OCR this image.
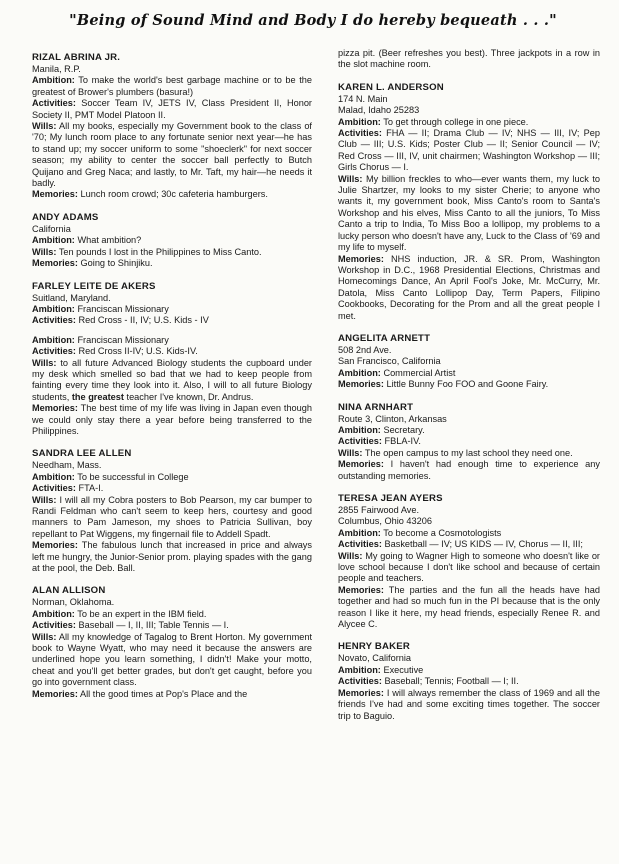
"Being of Sound Mind and Body I do hereby bequeath . . ."
RIZAL ABRINA JR.
Manila, R.P.

Ambition: To make the world's best garbage machine or to be the greatest of Brower's plumbers (basura!)

Activities: Soccer Team IV, JETS IV, Class President II, Honor Society II, PMT Model Platoon II.

Wills: All my books, especially my Government book to the class of '70; My lunch room place to any fortunate senior next year—he has to stand up; my soccer uniform to some "shoeclerk" for next soccer season; my ability to center the soccer ball perfectly to Butch Quijano and Greg Naca; and lastly, to Mr. Taft, my hair—he needs it badly.

Memories: Lunch room crowd; 30c cafeteria hamburgers.

ANDY ADAMS
California

Ambition: What ambition?

Wills: Ten pounds I lost in the Philippines to Miss Canto.

Memories: Going to Shinjiku.

FARLEY LEITE DE AKERS
Suitland, Maryland.

Ambition: Franciscan Missionary

Activities: Red Cross - II, IV; U.S. Kids - IV

Ambition: Franciscan Missionary

Activities: Red Cross II-IV; U.S. Kids-IV.

Wills: to all future Advanced Biology students the cupboard under my desk which smelled so bad that we had to keep people from fainting every time they look into it. Also, I will to all future Biology students, the greatest teacher I've known, Dr. Andrus.

Memories: The best time of my life was living in Japan even though we could only stay there a year before being transferred to the Philippines.

SANDRA LEE ALLEN
Needham, Mass.

Ambition: To be successful in College

Activities: FTA-I.

Wills: I will all my Cobra posters to Bob Pearson, my car bumper to Randi Feldman who can't seem to keep hers, courtesy and good manners to Pam Jameson, my shoes to Patricia Sullivan, boy repellant to Pat Wiggens, my fingernail file to Addell Spadt.

Memories: The fabulous lunch that increased in price and always left me hungry, the Junior-Senior prom. playing spades with the gang at the pool, the Deb. Ball.

ALAN ALLISON
Norman, Oklahoma.

Ambition: To be an expert in the IBM field.

Activities: Baseball — I, II, III; Table Tennis — I.

Wills: All my knowledge of Tagalog to Brent Horton. My government book to Wayne Wyatt, who may need it because the answers are underlined hope you learn something, I didn't! Make your motto, cheat and you'll get better grades, but don't get caught, before you go into government class.

Memories: All the good times at Pop's Place and the

pizza pit. (Beer refreshes you best). Three jackpots in a row in the slot machine room.

KAREN L. ANDERSON
174 N. Main
Malad, Idaho 25283

Ambition: To get through college in one piece.

Activities: FHA — II; Drama Club — IV; NHS — III, IV; Pep Club — III; U.S. Kids; Poster Club — II; Senior Council — IV; Red Cross — III, IV, unit chairmen; Washington Workshop — III; Girls Chorus — I.

Wills: My billion freckles to who—ever wants them, my luck to Julie Shartzer, my looks to my sister Cherie; to anyone who wants it, my government book, Miss Canto's room to Santa's Workshop and his elves, Miss Canto to all the juniors, To Miss Canto a trip to India, To Miss Boo a lollipop, my problems to a lucky person who doesn't have any, Luck to the Class of '69 and my life to myself.

Memories: NHS induction, JR. & SR. Prom, Washington Workshop in D.C., 1968 Presidential Elections, Christmas and Homecomings Dance, An April Fool's Joke, Mr. McCurry, Mr. Datola, Miss Canto Lollipop Day, Term Papers, Filipino Cookbooks, Decorating for the Prom and all the great people I met.

ANGELITA ARNETT
508 2nd Ave.
San Francisco, California

Ambition: Commercial Artist

Memories: Little Bunny Foo FOO and Goone Fairy.

NINA ARNHART
Route 3, Clinton, Arkansas

Ambition: Secretary.

Activities: FBLA-IV.

Wills: The open campus to my last school they need one.

Memories: I haven't had enough time to experience any outstanding memories.

TERESA JEAN AYERS
2855 Fairwood Ave.
Columbus, Ohio 43206

Ambition: To become a Cosmotologists

Activities: Basketball — IV; US KIDS — IV, Chorus — II, III;

Wills: My going to Wagner High to someone who doesn't like or love school because I don't like school and because of certain people and teachers.

Memories: The parties and the fun all the heads have had together and had so much fun in the PI because that is the only reason I like it here, my head friends, especially Renee R. and Alycee C.

HENRY BAKER
Novato, California

Ambition: Executive

Activities: Baseball; Tennis; Football — I; II.

Memories: I will always remember the class of 1969 and all the friends I've had and some exciting times together. The soccer trip to Baguio.
